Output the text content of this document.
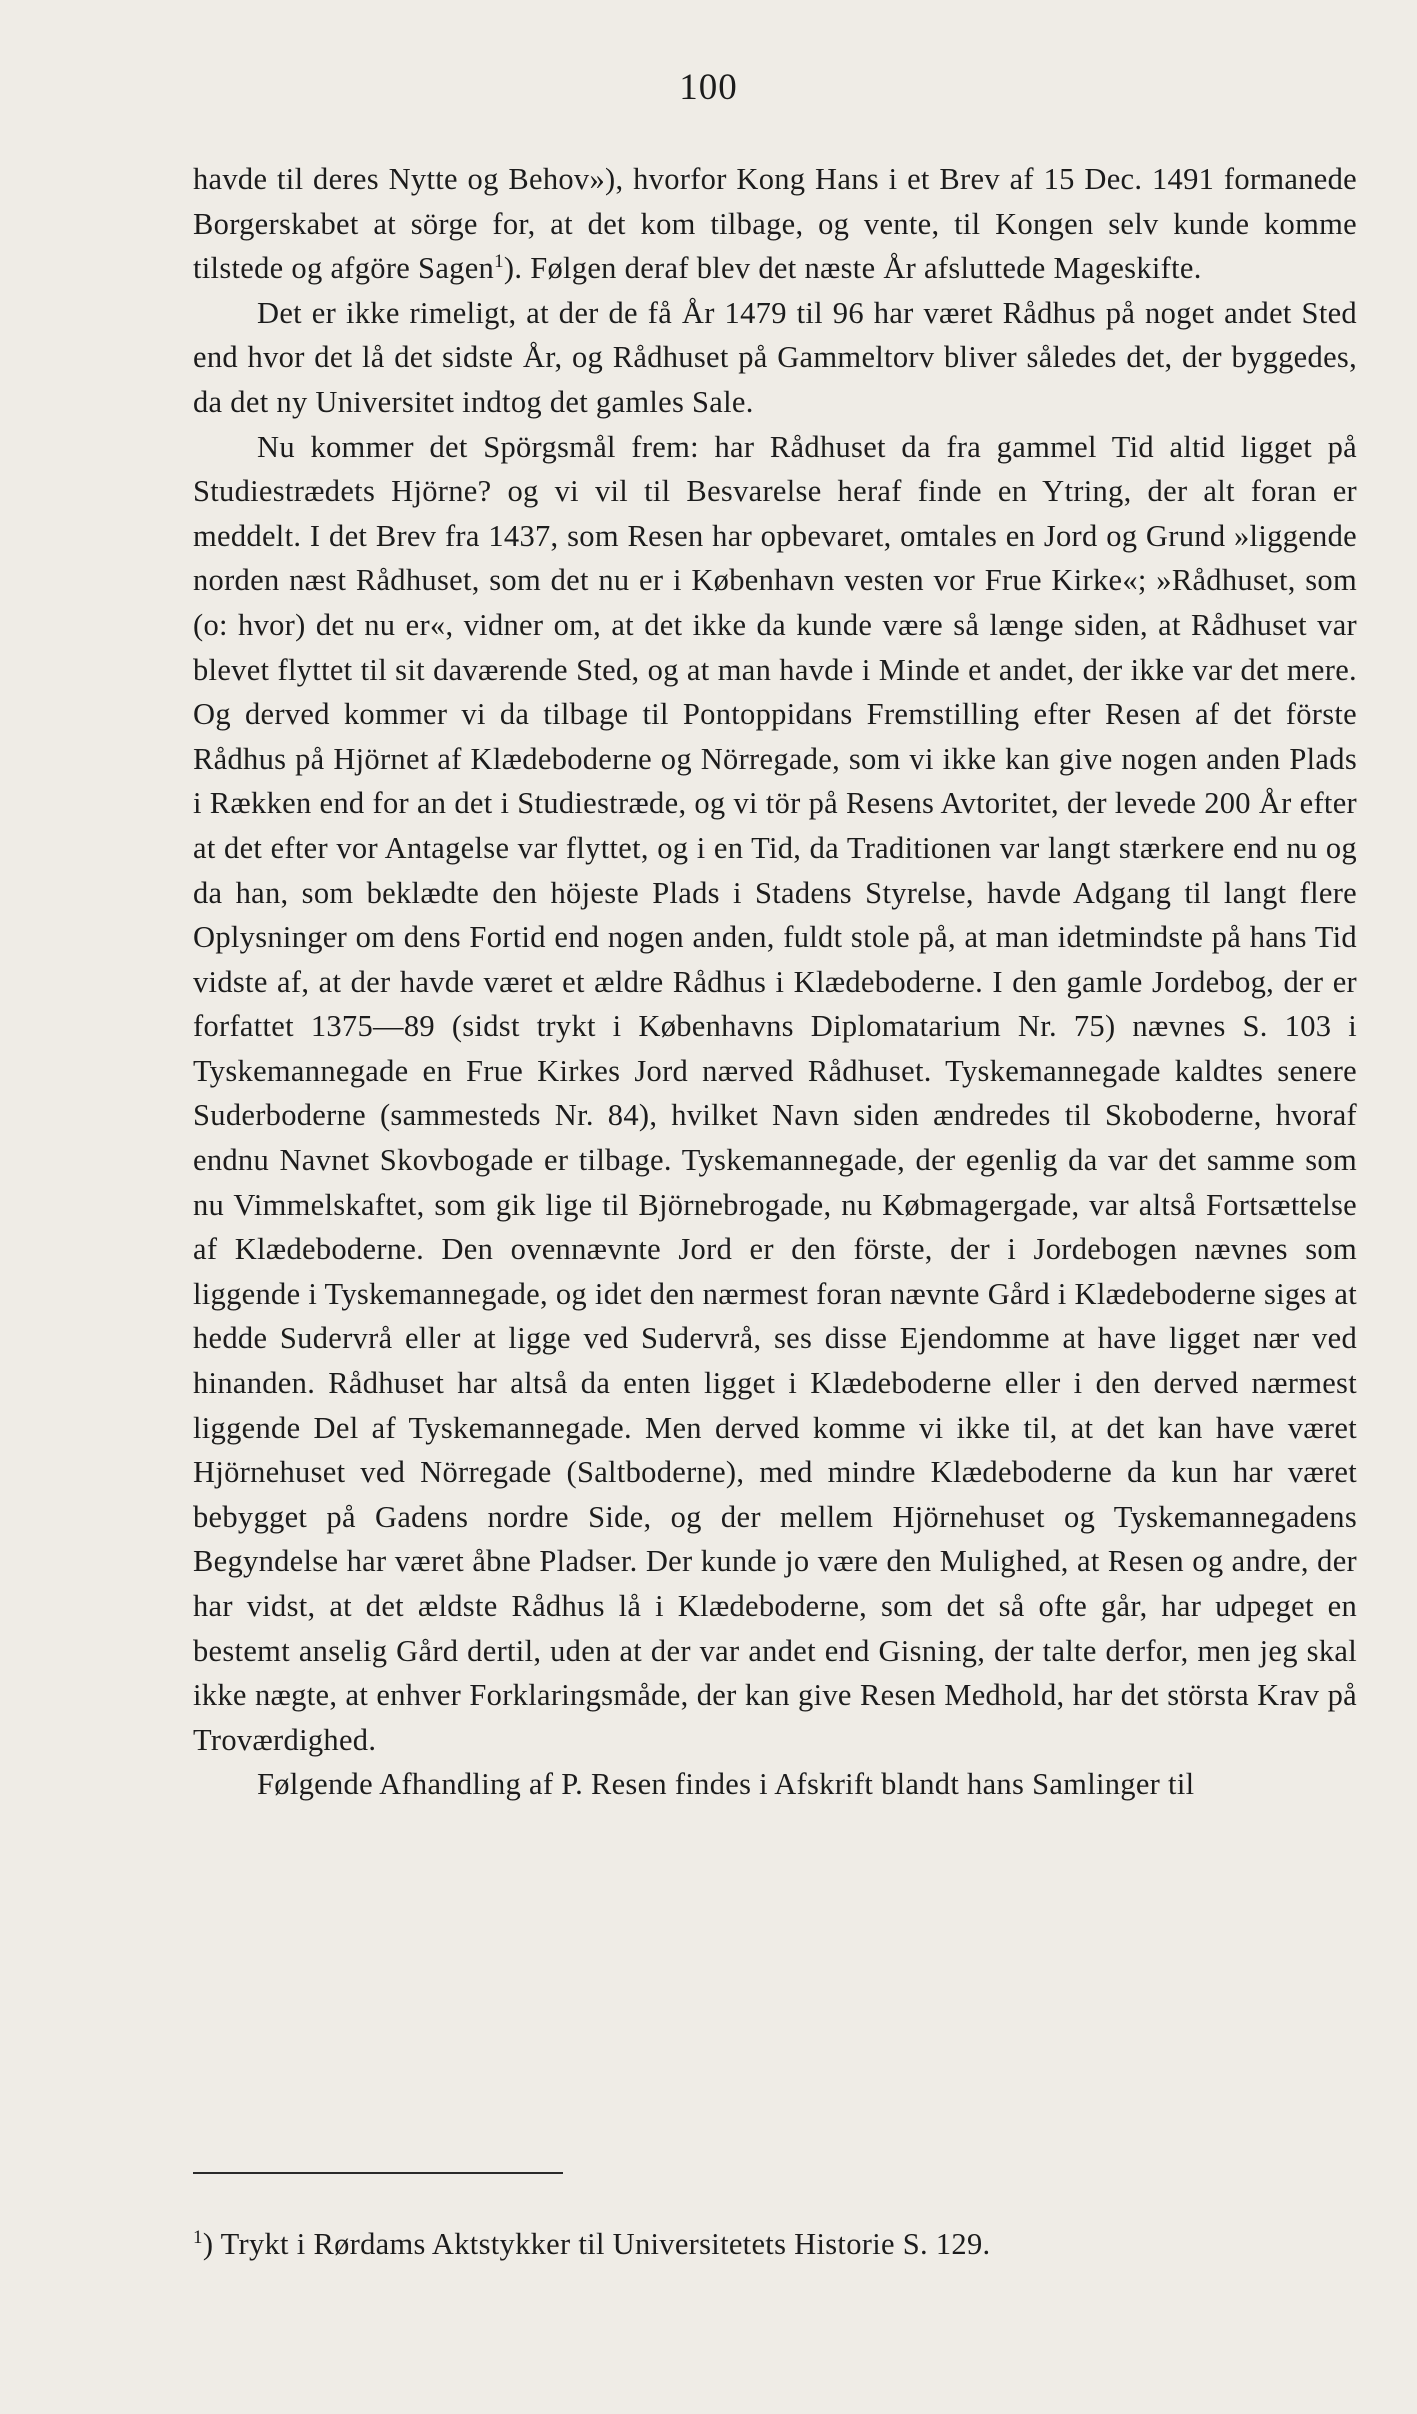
100

havde til deres Nytte og Behov»), hvorfor Kong Hans i et Brev af 15 Dec. 1491 formanede Borgerskabet at sörge for, at det kom tilbage, og vente, til Kongen selv kunde komme tilstede og afgöre Sagen$^1$). Følgen deraf blev det næste År afsluttede Mageskifte.

Det er ikke rimeligt, at der de få År 1479 til 96 har været Rådhus på noget andet Sted end hvor det lå det sidste År, og Rådhuset på Gammeltorv bliver således det, der byggedes, da det ny Universitet indtog det gamles Sale.

Nu kommer det Spörgsmål frem: har Rådhuset da fra gammel Tid altid ligget på Studiestrædets Hjörne? og vi vil til Besvarelse heraf finde en Ytring, der alt foran er meddelt. I det Brev fra 1437, som Resen har opbevaret, omtales en Jord og Grund »liggende norden næst Rådhuset, som det nu er i København vesten vor Frue Kirke«; »Rådhuset, som (o: hvor) det nu er«, vidner om, at det ikke da kunde være så længe siden, at Rådhuset var blevet flyttet til sit daværende Sted, og at man havde i Minde et andet, der ikke var det mere. Og derved kommer vi da tilbage til Pontoppidans Fremstilling efter Resen af det förste Rådhus på Hjörnet af Klædeboderne og Nörregade, som vi ikke kan give nogen anden Plads i Rækken end for an det i Studiestræde, og vi tör på Resens Avtoritet, der levede 200 År efter at det efter vor Antagelse var flyttet, og i en Tid, da Traditionen var langt stærkere end nu og da han, som beklædte den höjeste Plads i Stadens Styrelse, havde Adgang til langt flere Oplysninger om dens Fortid end nogen anden, fuldt stole på, at man idetmindste på hans Tid vidste af, at der havde været et ældre Rådhus i Klædeboderne. I den gamle Jordebog, der er forfattet 1375—89 (sidst trykt i Københavns Diplomatarium Nr. 75) nævnes S. 103 i Tyskemannegade en Frue Kirkes Jord nærved Rådhuset. Tyskemannegade kaldtes senere Suderboderne (sammesteds Nr. 84), hvilket Navn siden ændredes til Skoboderne, hvoraf endnu Navnet Skovbogade er tilbage. Tyskemannegade, der egenlig da var det samme som nu Vimmelskaftet, som gik lige til Björnebrogade, nu Købmagergade, var altså Fortsættelse af Klædeboderne. Den ovennævnte Jord er den förste, der i Jordebogen nævnes som liggende i Tyskemannegade, og idet den nærmest foran nævnte Gård i Klædeboderne siges at hedde Sudervrå eller at ligge ved Sudervrå, ses disse Ejendomme at have ligget nær ved hinanden. Rådhuset har altså da enten ligget i Klædeboderne eller i den derved nærmest liggende Del af Tyskemannegade. Men derved komme vi ikke til, at det kan have været Hjörnehuset ved Nörregade (Saltboderne), med mindre Klædeboderne da kun har været bebygget på Gadens nordre Side, og der mellem Hjörnehuset og Tyskemannegadens Begyndelse har været åbne Pladser. Der kunde jo være den Mulighed, at Resen og andre, der har vidst, at det ældste Rådhus lå i Klædeboderne, som det så ofte går, har udpeget en bestemt anselig Gård dertil, uden at der var andet end Gisning, der talte derfor, men jeg skal ikke nægte, at enhver Forklaringsmåde, der kan give Resen Medhold, har det största Krav på Troværdighed.

Følgende Afhandling af P. Resen findes i Afskrift blandt hans Samlinger til

$^1$) Trykt i Rørdams Aktstykker til Universitetets Historie S. 129.
